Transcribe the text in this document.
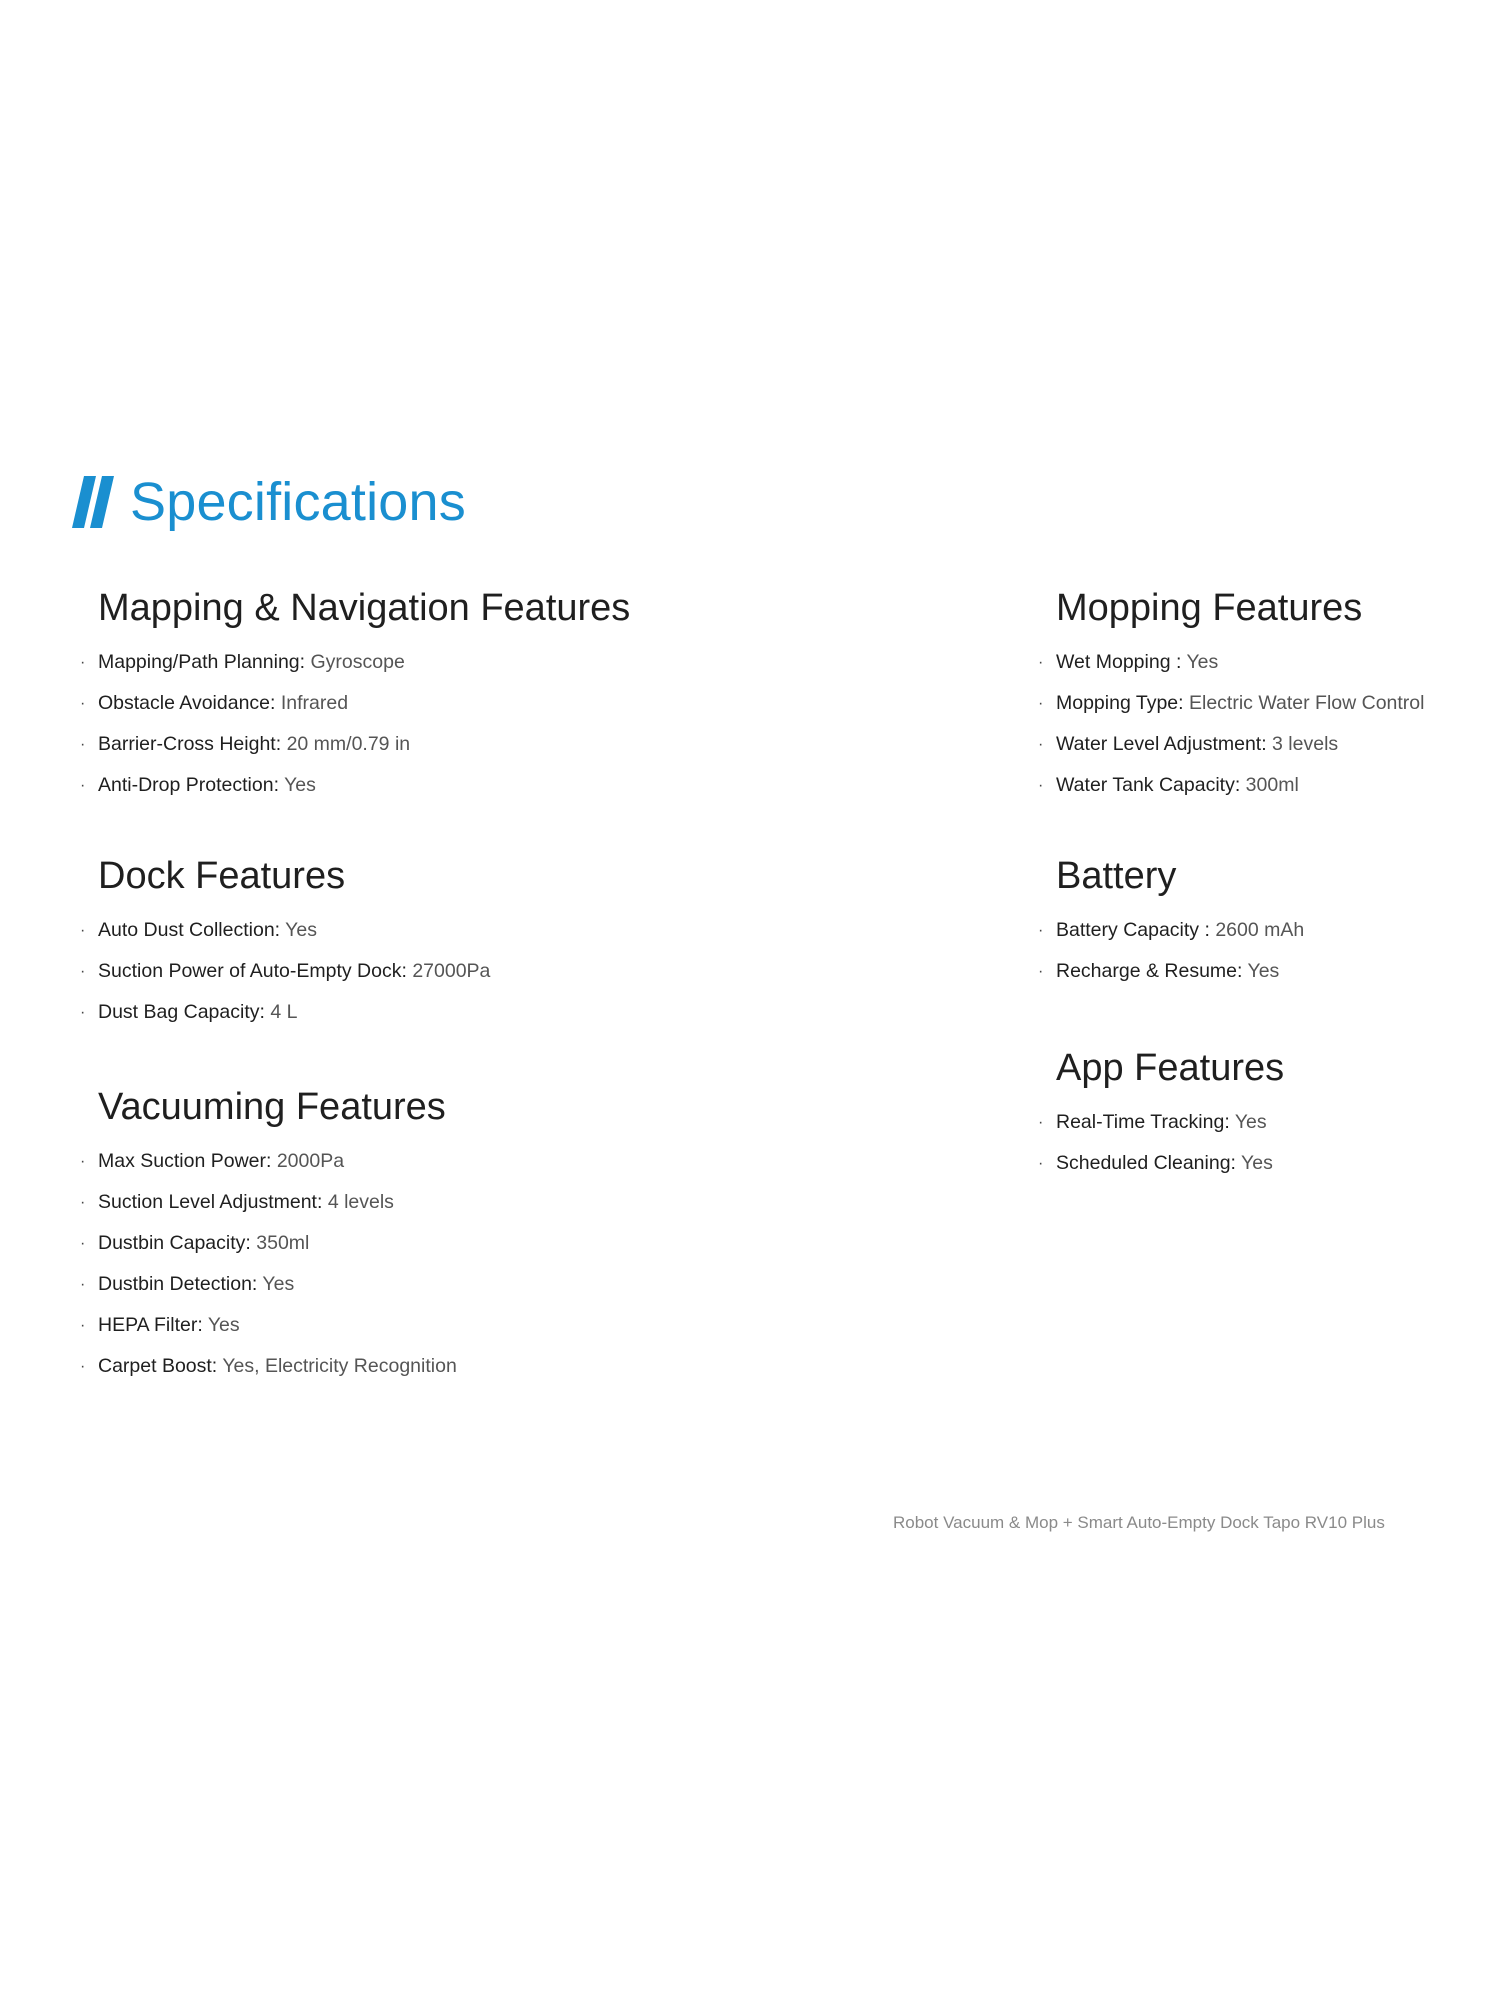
Specifications
Mapping & Navigation Features
· Mapping/Path Planning: Gyroscope
· Obstacle Avoidance: Infrared
· Barrier-Cross Height: 20 mm/0.79 in
· Anti-Drop Protection: Yes
Dock Features
· Auto Dust Collection: Yes
· Suction Power of Auto-Empty Dock: 27000Pa
· Dust Bag Capacity: 4 L
Vacuuming Features
· Max Suction Power: 2000Pa
· Suction Level Adjustment: 4 levels
· Dustbin Capacity: 350ml
· Dustbin Detection: Yes
· HEPA Filter: Yes
· Carpet Boost: Yes, Electricity Recognition
Mopping Features
· Wet Mopping : Yes
· Mopping Type: Electric Water Flow Control
· Water Level Adjustment: 3 levels
· Water Tank Capacity: 300ml
Battery
· Battery Capacity : 2600 mAh
· Recharge & Resume: Yes
App Features
· Real-Time Tracking: Yes
· Scheduled Cleaning: Yes
Robot Vacuum & Mop + Smart Auto-Empty Dock Tapo RV10 Plus
